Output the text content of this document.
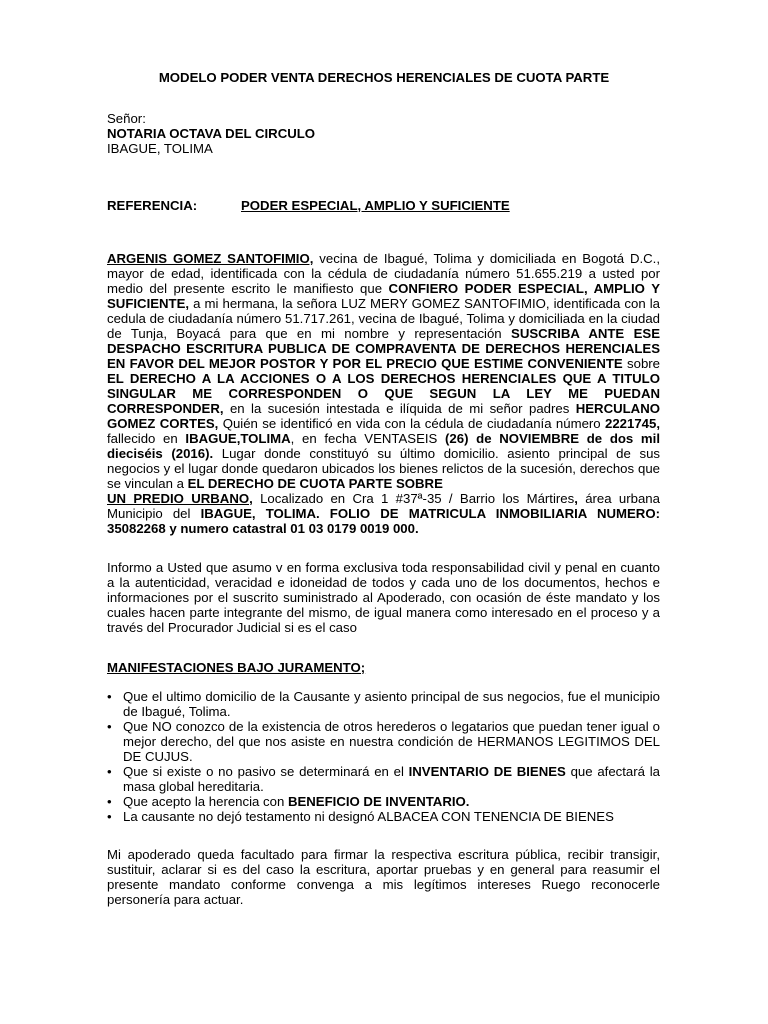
MODELO PODER VENTA DERECHOS HERENCIALES DE CUOTA PARTE
Señor:
NOTARIA OCTAVA DEL CIRCULO
IBAGUE, TOLIMA
REFERENCIA:	PODER ESPECIAL, AMPLIO Y SUFICIENTE
ARGENIS GOMEZ SANTOFIMIO, vecina de Ibagué, Tolima y domiciliada en Bogotá D.C., mayor de edad, identificada con la cédula de ciudadanía número 51.655.219 a usted por medio del presente escrito le manifiesto que CONFIERO PODER ESPECIAL, AMPLIO Y SUFICIENTE, a mi hermana, la señora LUZ MERY GOMEZ SANTOFIMIO, identificada con la cedula de ciudadanía número 51.717.261, vecina de Ibagué, Tolima y domiciliada en la ciudad de Tunja, Boyacá para que en mi nombre y representación SUSCRIBA ANTE ESE DESPACHO ESCRITURA PUBLICA DE COMPRAVENTA DE DERECHOS HERENCIALES EN FAVOR DEL MEJOR POSTOR Y POR EL PRECIO QUE ESTIME CONVENIENTE sobre EL DERECHO A LA ACCIONES O A LOS DERECHOS HERENCIALES QUE A TITULO SINGULAR ME CORRESPONDEN O QUE SEGUN LA LEY ME PUEDAN CORRESPONDER, en la sucesión intestada e ilíquida de mi señor padres HERCULANO GOMEZ CORTES, Quién se identificó en vida con la cédula de ciudadanía número 2221745, fallecido en IBAGUE,TOLIMA, en fecha VENTASEIS (26) de NOVIEMBRE de dos mil dieciséis (2016). Lugar donde constituyó su último domicilio. asiento principal de sus negocios y el lugar donde quedaron ubicados los bienes relictos de la sucesión, derechos que se vinculan a EL DERECHO DE CUOTA PARTE SOBRE
UN PREDIO URBANO, Localizado en Cra 1 #37ª-35 / Barrio los Mártires, área urbana Municipio del IBAGUE, TOLIMA. FOLIO DE MATRICULA INMOBILIARIA NUMERO: 35082268 y numero catastral 01 03 0179 0019 000.
Informo a Usted que asumo v en forma exclusiva toda responsabilidad civil y penal en cuanto a la autenticidad, veracidad e idoneidad de todos y cada uno de los documentos, hechos e informaciones por el suscrito suministrado al Apoderado, con ocasión de éste mandato y los cuales hacen parte integrante del mismo, de igual manera como interesado en el proceso y a través del Procurador Judicial si es el caso
MANIFESTACIONES BAJO JURAMENTO;
• Que el ultimo domicilio de la Causante y asiento principal de sus negocios, fue el municipio de Ibagué, Tolima.
• Que NO conozco de la existencia de otros herederos o legatarios que puedan tener igual o mejor derecho, del que nos asiste en nuestra condición de HERMANOS LEGITIMOS DEL DE CUJUS.
• Que si existe o no pasivo se determinará en el INVENTARIO DE BIENES que afectará la masa global hereditaria.
• Que acepto la herencia con BENEFICIO DE INVENTARIO.
• La causante no dejó testamento ni designó ALBACEA CON TENENCIA DE BIENES
Mi apoderado queda facultado para firmar la respectiva escritura pública, recibir transigir, sustituir, aclarar si es del caso la escritura, aportar pruebas y en general para reasumir el presente mandato conforme convenga a mis legítimos intereses Ruego reconocerle personería para actuar.
